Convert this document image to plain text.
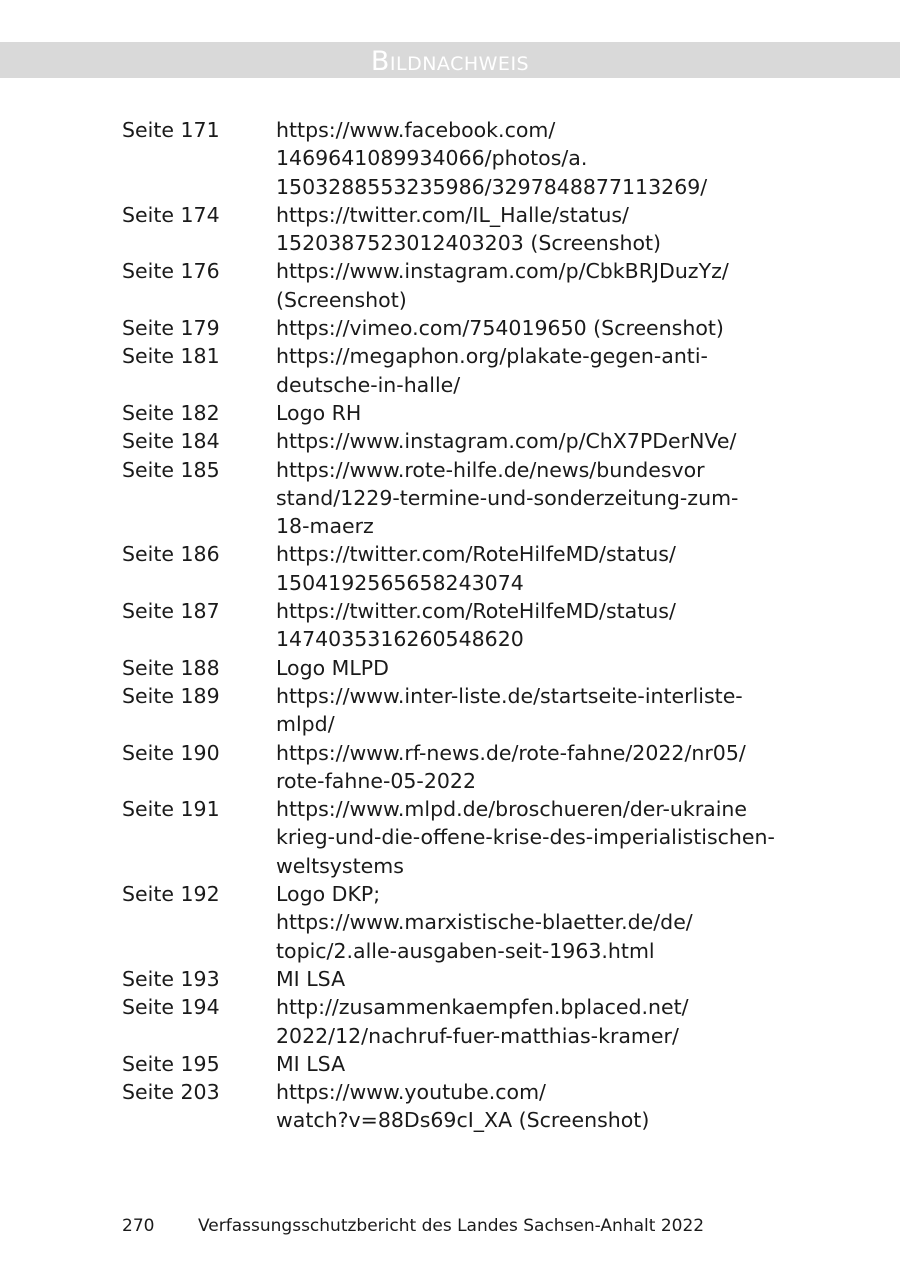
Bildnachweis
Seite 171	https://www.facebook.com/
1469641089934066/photos/a.
1503288553235986/3297848877113269/
Seite 174	https://twitter.com/IL_Halle/status/
1520387523012403203 (Screenshot)
Seite 176	https://www.instagram.com/p/CbkBRJDuzYz/
(Screenshot)
Seite 179	https://vimeo.com/754019650 (Screenshot)
Seite 181	https://megaphon.org/plakate-gegen-anti-
deutsche-in-halle/
Seite 182	Logo RH
Seite 184	https://www.instagram.com/p/ChX7PDerNVe/
Seite 185	https://www.rote-hilfe.de/news/bundesvor
stand/1229-termine-und-sonderzeitung-zum-
18-maerz
Seite 186	https://twitter.com/RoteHilfeMD/status/
1504192565658243074
Seite 187	https://twitter.com/RoteHilfeMD/status/
1474035316260548620
Seite 188	Logo MLPD
Seite 189	https://www.inter-liste.de/startseite-interliste-
mlpd/
Seite 190	https://www.rf-news.de/rote-fahne/2022/nr05/
rote-fahne-05-2022
Seite 191	https://www.mlpd.de/broschueren/der-ukraine
krieg-und-die-offene-krise-des-imperialistischen-
weltsystems
Seite 192	Logo DKP;
https://www.marxistische-blaetter.de/de/
topic/2.alle-ausgaben-seit-1963.html
Seite 193	MI LSA
Seite 194	http://zusammenkaempfen.bplaced.net/
2022/12/nachruf-fuer-matthias-kramer/
Seite 195	MI LSA
Seite 203	https://www.youtube.com/
watch?v=88Ds69cI_XA (Screenshot)
270	Verfassungsschutzbericht des Landes Sachsen-Anhalt 2022
